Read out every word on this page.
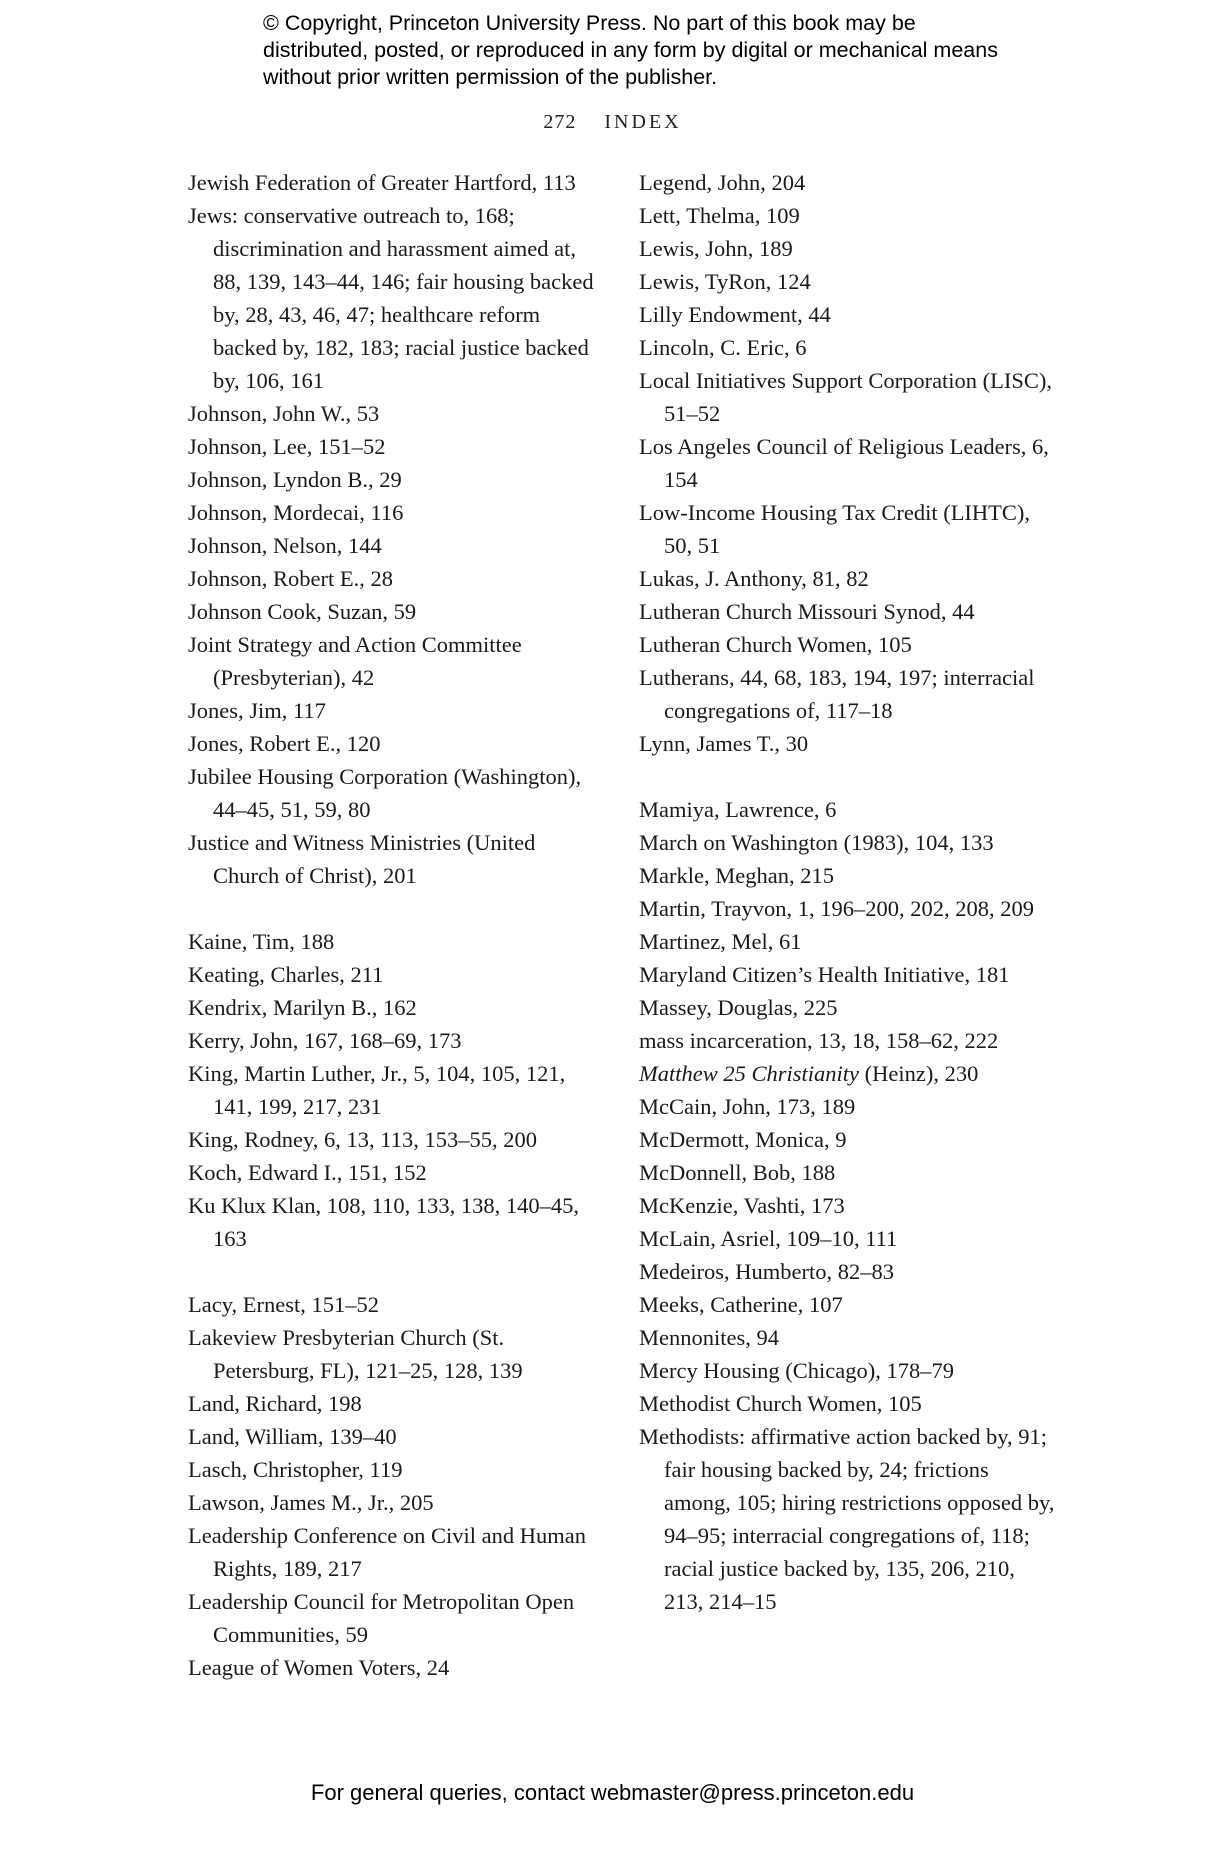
© Copyright, Princeton University Press. No part of this book may be distributed, posted, or reproduced in any form by digital or mechanical means without prior written permission of the publisher.
272 INDEX
Jewish Federation of Greater Hartford, 113
Jews: conservative outreach to, 168; discrimination and harassment aimed at, 88, 139, 143–44, 146; fair housing backed by, 28, 43, 46, 47; healthcare reform backed by, 182, 183; racial justice backed by, 106, 161
Johnson, John W., 53
Johnson, Lee, 151–52
Johnson, Lyndon B., 29
Johnson, Mordecai, 116
Johnson, Nelson, 144
Johnson, Robert E., 28
Johnson Cook, Suzan, 59
Joint Strategy and Action Committee (Presbyterian), 42
Jones, Jim, 117
Jones, Robert E., 120
Jubilee Housing Corporation (Washington), 44–45, 51, 59, 80
Justice and Witness Ministries (United Church of Christ), 201
Kaine, Tim, 188
Keating, Charles, 211
Kendrix, Marilyn B., 162
Kerry, John, 167, 168–69, 173
King, Martin Luther, Jr., 5, 104, 105, 121, 141, 199, 217, 231
King, Rodney, 6, 13, 113, 153–55, 200
Koch, Edward I., 151, 152
Ku Klux Klan, 108, 110, 133, 138, 140–45, 163
Lacy, Ernest, 151–52
Lakeview Presbyterian Church (St. Petersburg, FL), 121–25, 128, 139
Land, Richard, 198
Land, William, 139–40
Lasch, Christopher, 119
Lawson, James M., Jr., 205
Leadership Conference on Civil and Human Rights, 189, 217
Leadership Council for Metropolitan Open Communities, 59
League of Women Voters, 24
Legend, John, 204
Lett, Thelma, 109
Lewis, John, 189
Lewis, TyRon, 124
Lilly Endowment, 44
Lincoln, C. Eric, 6
Local Initiatives Support Corporation (LISC), 51–52
Los Angeles Council of Religious Leaders, 6, 154
Low-Income Housing Tax Credit (LIHTC), 50, 51
Lukas, J. Anthony, 81, 82
Lutheran Church Missouri Synod, 44
Lutheran Church Women, 105
Lutherans, 44, 68, 183, 194, 197; interracial congregations of, 117–18
Lynn, James T., 30
Mamiya, Lawrence, 6
March on Washington (1983), 104, 133
Markle, Meghan, 215
Martin, Trayvon, 1, 196–200, 202, 208, 209
Martinez, Mel, 61
Maryland Citizen’s Health Initiative, 181
Massey, Douglas, 225
mass incarceration, 13, 18, 158–62, 222
Matthew 25 Christianity (Heinz), 230
McCain, John, 173, 189
McDermott, Monica, 9
McDonnell, Bob, 188
McKenzie, Vashti, 173
McLain, Asriel, 109–10, 111
Medeiros, Humberto, 82–83
Meeks, Catherine, 107
Mennonites, 94
Mercy Housing (Chicago), 178–79
Methodist Church Women, 105
Methodists: affirmative action backed by, 91; fair housing backed by, 24; frictions among, 105; hiring restrictions opposed by, 94–95; interracial congregations of, 118; racial justice backed by, 135, 206, 210, 213, 214–15
For general queries, contact webmaster@press.princeton.edu
